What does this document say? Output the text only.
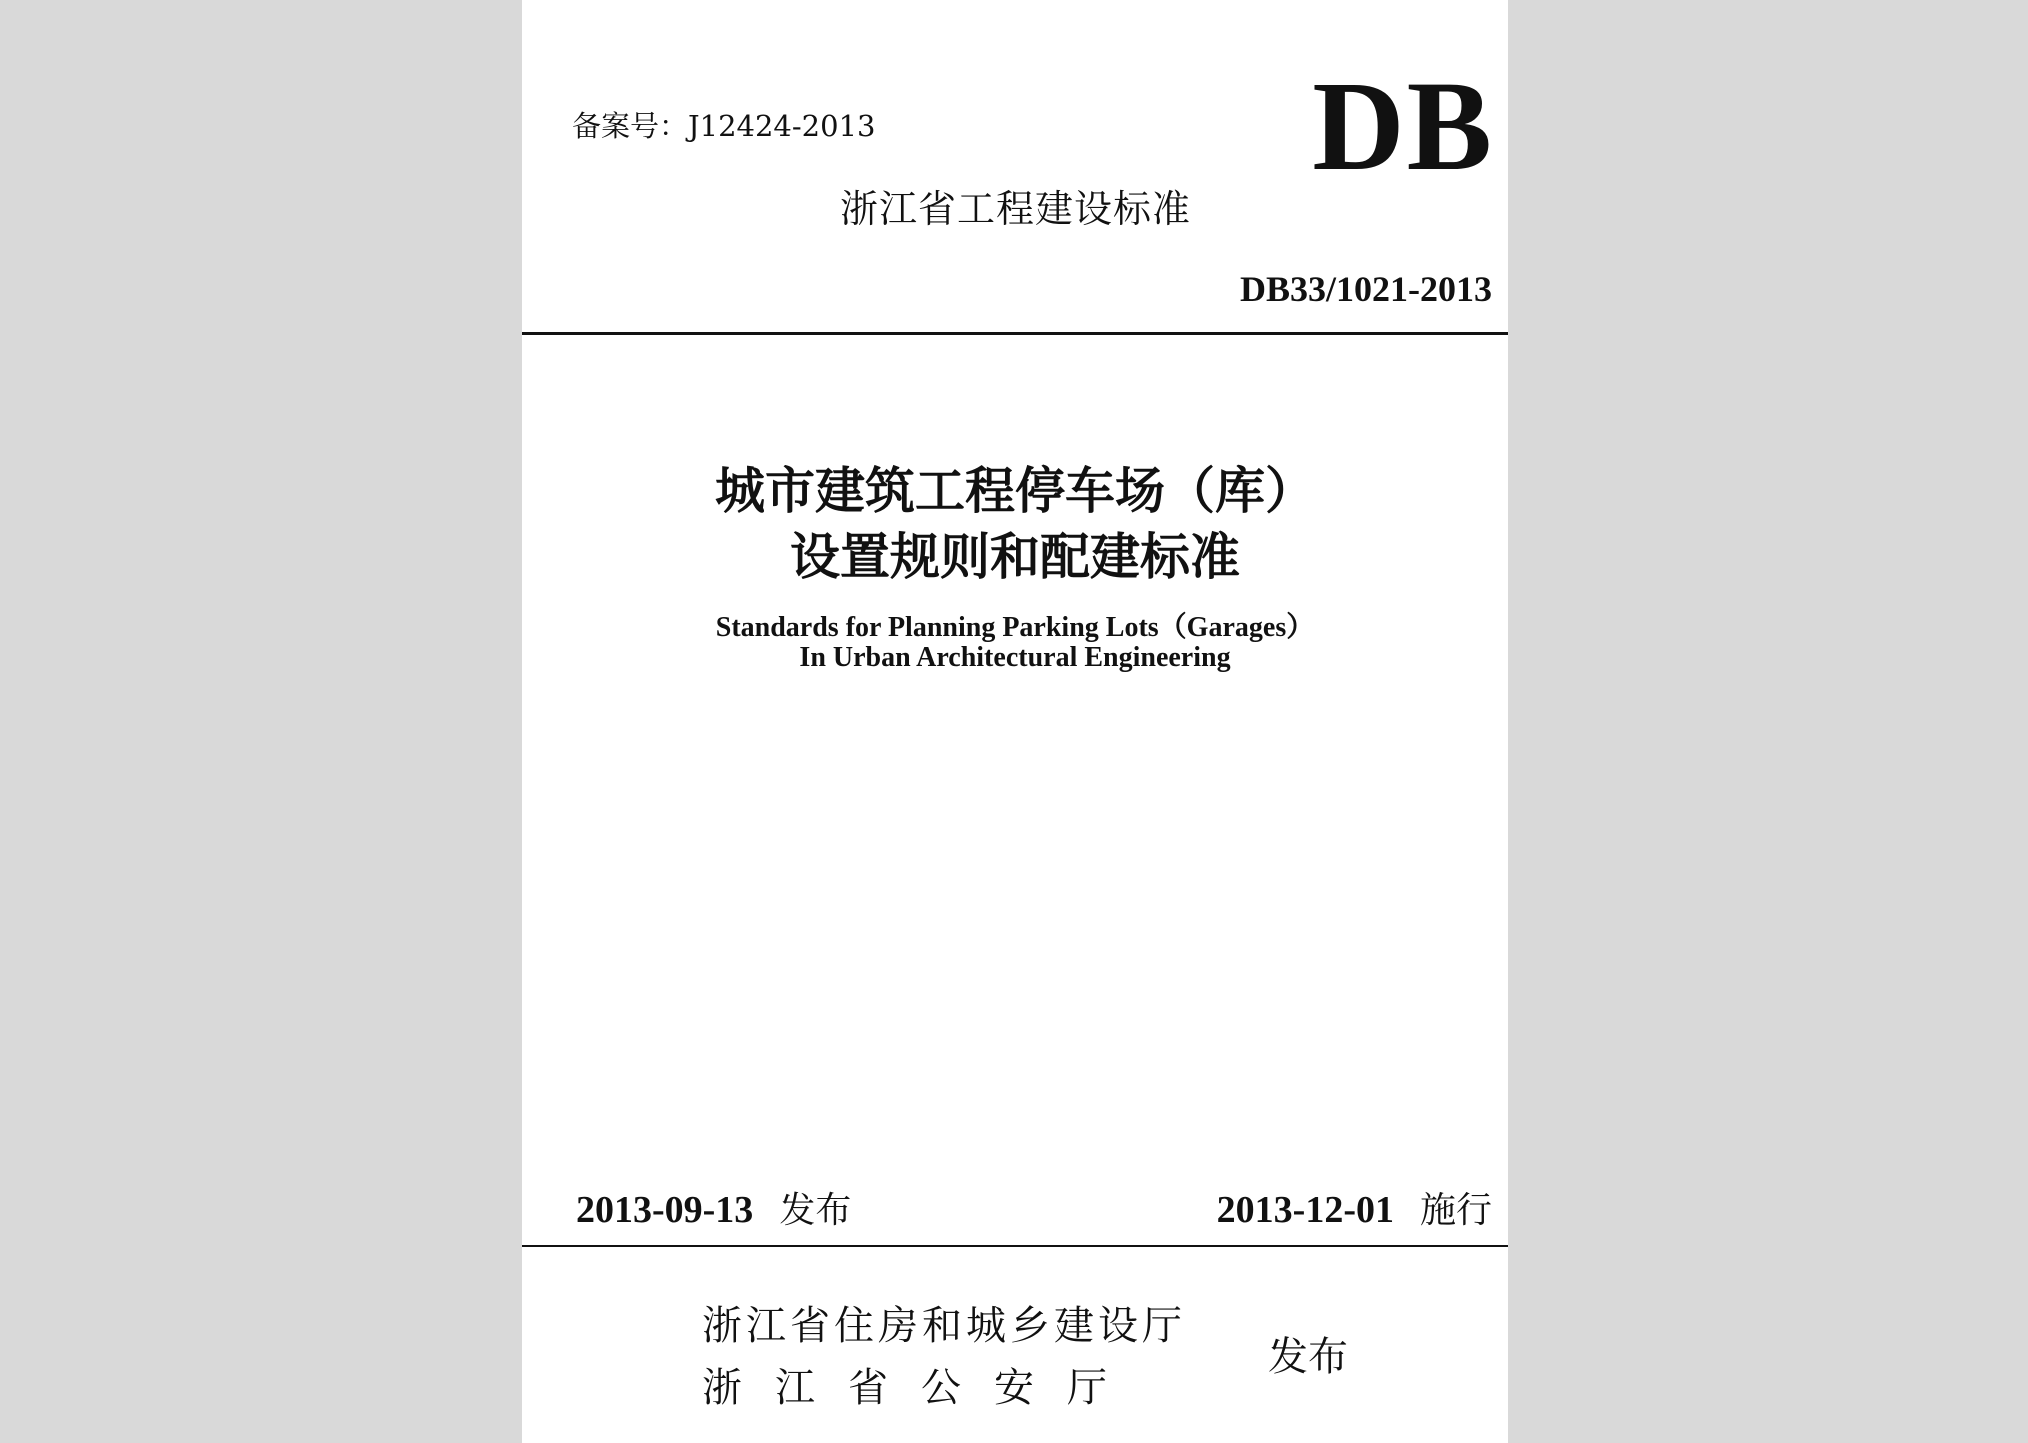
备案号：J12424-2013	DB
浙江省工程建设标准
DB33/1021-2013
城市建筑工程停车场（库）
设置规则和配建标准
Standards for Planning Parking Lots（Garages）
In Urban Architectural Engineering
2013-09-13 发布	2013-12-01 施行
浙江省住房和城乡建设厅
浙江省公安厅
发布
